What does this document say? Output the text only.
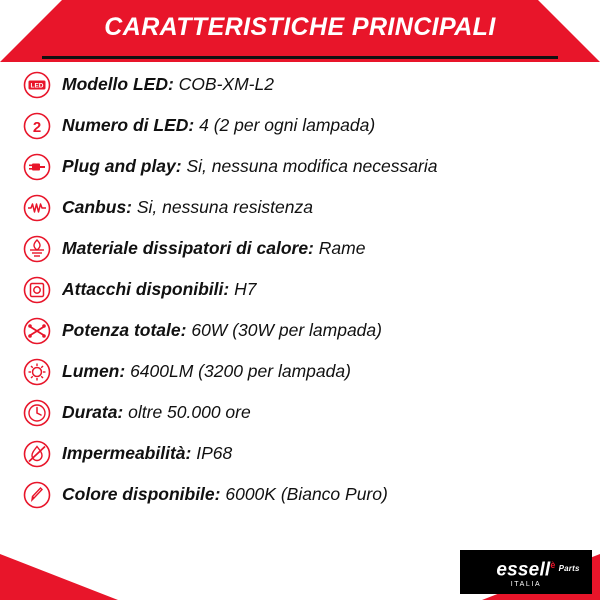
CARATTERISTICHE PRINCIPALI
LED Modello LED: COB-XM-L2
2 Numero di LED: 4 (2 per ogni lampada)
Plug and play: Si, nessuna modifica necessaria
Canbus: Si, nessuna resistenza
Materiale dissipatori di calore: Rame
Attacchi disponibili: H7
Potenza totale: 60W (30W per lampada)
Lumen: 6400LM (3200 per lampada)
Durata: oltre 50.000 ore
Impermeabilità: IP68
Colore disponibile: 6000K (Bianco Puro)
essell$^è$ Parts
ITALIA
